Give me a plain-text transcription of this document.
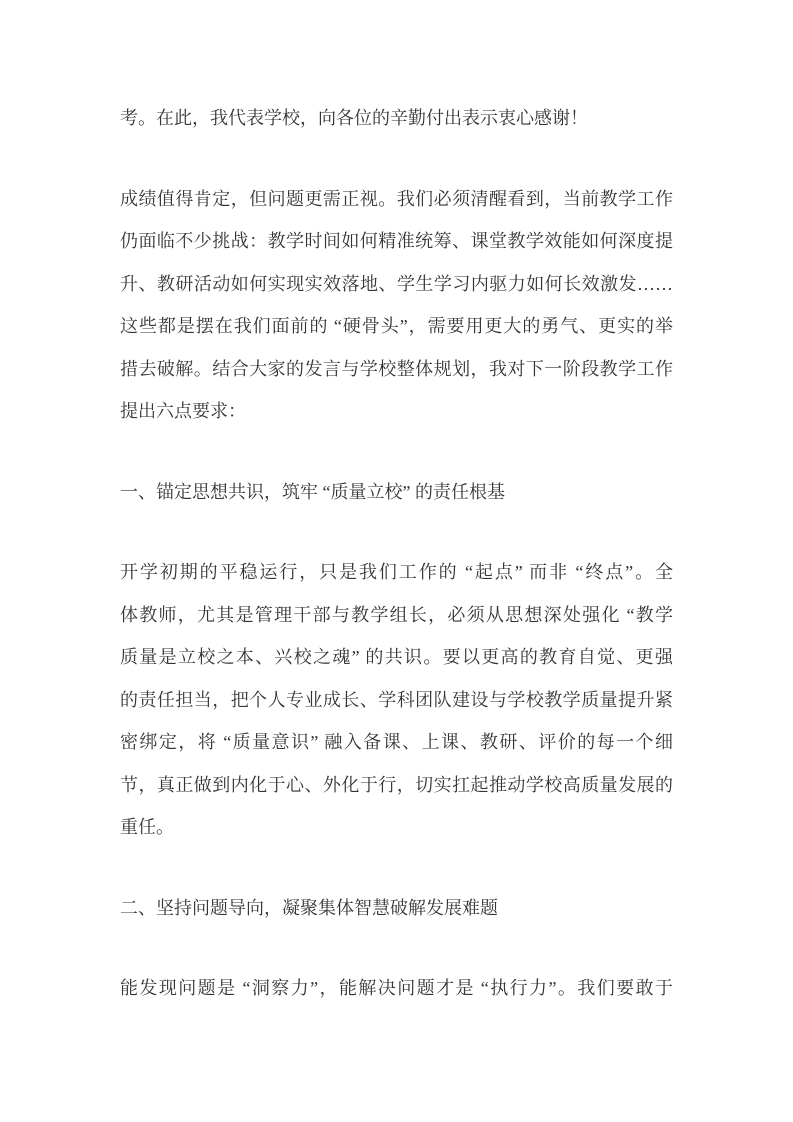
考。在此，我代表学校，向各位的辛勤付出表示衷心感谢！
成绩值得肯定，但问题更需正视。我们必须清醒看到，当前教学工作
仍面临不少挑战：教学时间如何精准统筹、课堂教学效能如何深度提
升、教研活动如何实现实效落地、学生学习内驱力如何长效激发……
这些都是摆在我们面前的 “硬骨头”，需要用更大的勇气、更实的举
措去破解。结合大家的发言与学校整体规划，我对下一阶段教学工作
提出六点要求：
一、锚定思想共识，筑牢 “质量立校” 的责任根基
开学初期的平稳运行，只是我们工作的 “起点” 而非 “终点”。全
体教师，尤其是管理干部与教学组长，必须从思想深处强化 “教学
质量是立校之本、兴校之魂” 的共识。要以更高的教育自觉、更强
的责任担当，把个人专业成长、学科团队建设与学校教学质量提升紧
密绑定，将 “质量意识” 融入备课、上课、教研、评价的每一个细
节，真正做到内化于心、外化于行，切实扛起推动学校高质量发展的
重任。
二、坚持问题导向，凝聚集体智慧破解发展难题
能发现问题是 “洞察力”，能解决问题才是 “执行力”。我们要敢于
